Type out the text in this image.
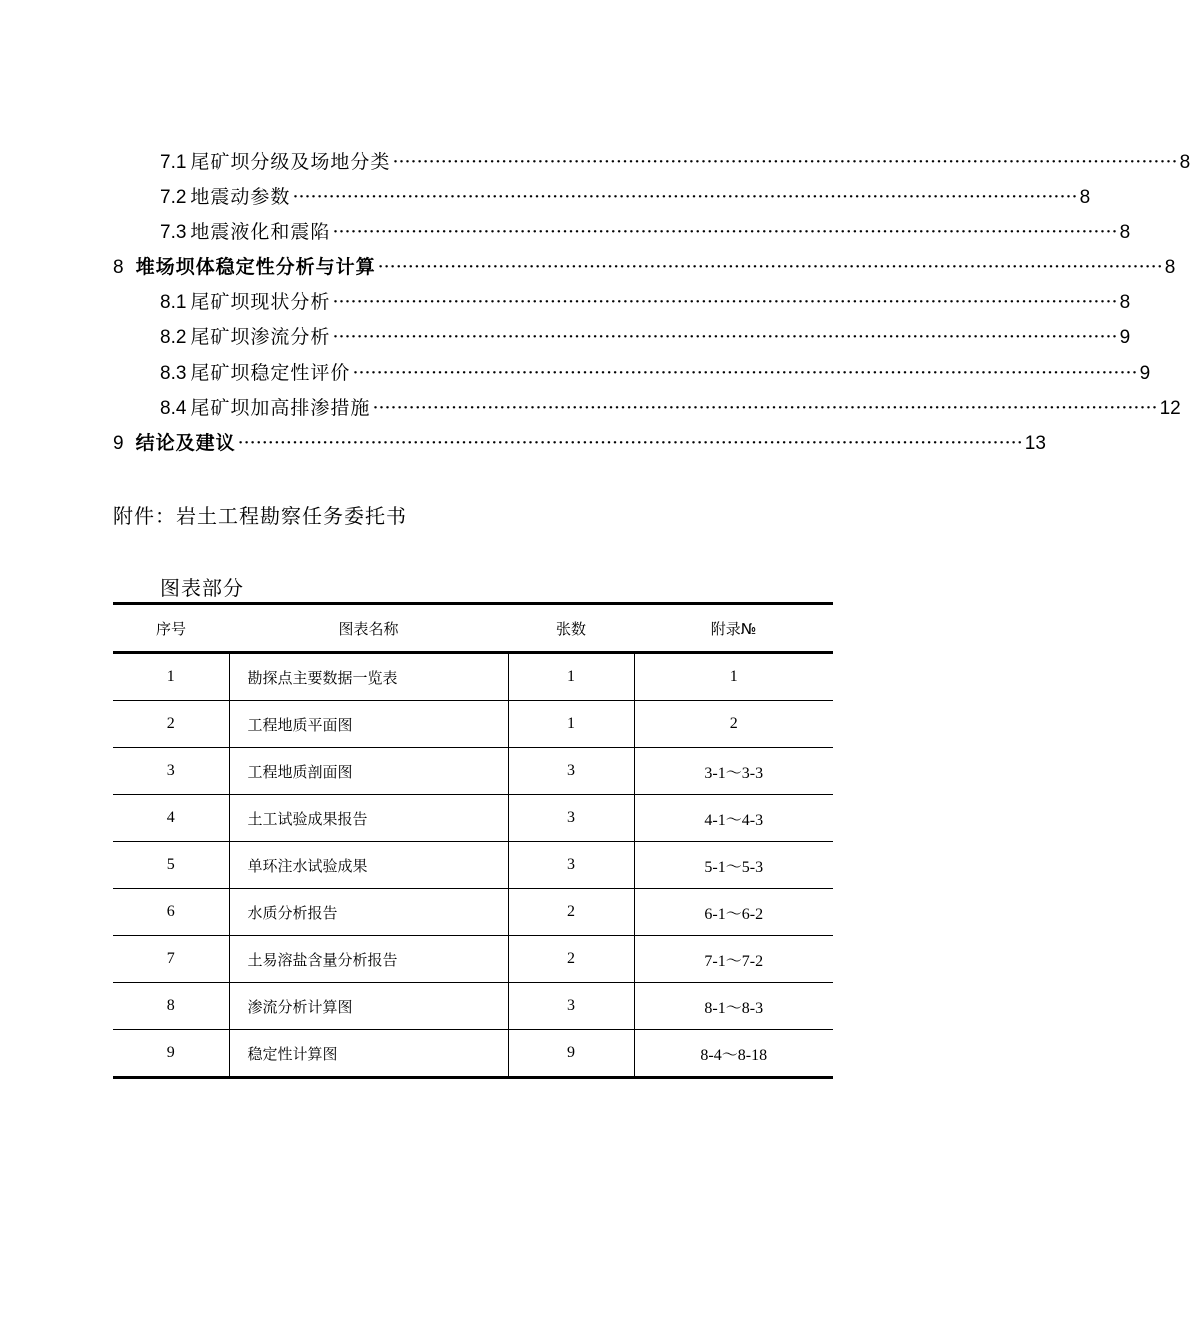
7.1 尾矿坝分级及场地分类 ·································································································································· 8
7.2 地震动参数 ·································································································································· 8
7.3 地震液化和震陷 ·································································································································· 8
8 堆场坝体稳定性分析与计算 ·································································································································· 8
8.1 尾矿坝现状分析 ·································································································································· 8
8.2 尾矿坝渗流分析 ·································································································································· 9
8.3 尾矿坝稳定性评价 ·································································································································· 9
8.4 尾矿坝加高排渗措施 ·································································································································· 12
9 结论及建议 ·································································································································· 13
附件：岩土工程勘察任务委托书
图表部分
序号	图表名称	张数	附录№
1	勘探点主要数据一览表	1	1
2	工程地质平面图	1	2
3	工程地质剖面图	3	3-1～3-3
4	土工试验成果报告	3	4-1～4-3
5	单环注水试验成果	3	5-1～5-3
6	水质分析报告	2	6-1～6-2
7	土易溶盐含量分析报告	2	7-1～7-2
8	渗流分析计算图	3	8-1～8-3
9	稳定性计算图	9	8-4～8-18
